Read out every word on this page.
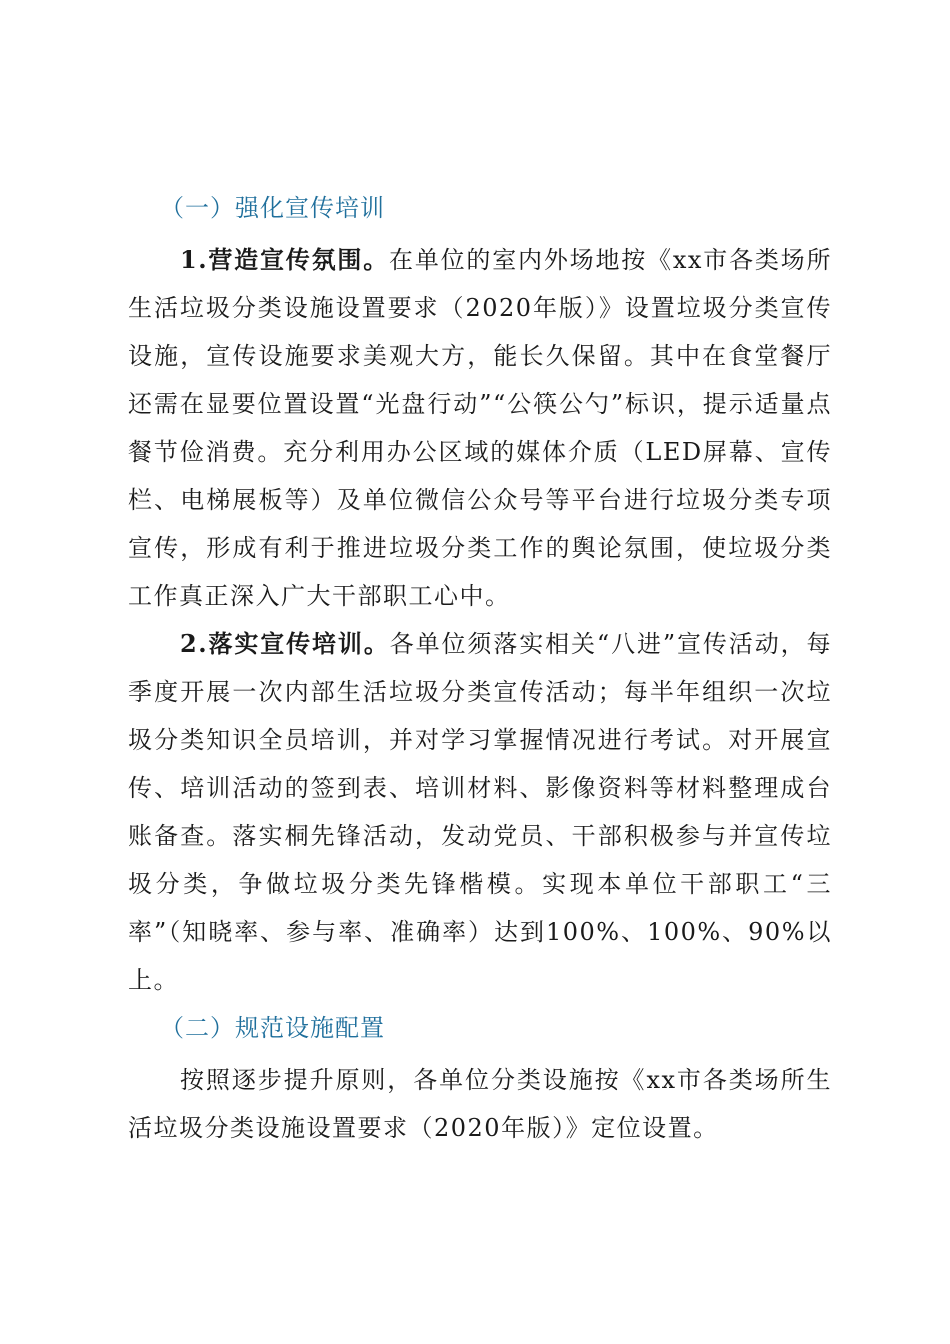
（一）强化宣传培训

1.营造宣传氛围。在单位的室内外场地按《xx市各类场所生活垃圾分类设施设置要求（2020年版）》设置垃圾分类宣传设施，宣传设施要求美观大方，能长久保留。其中在食堂餐厅还需在显要位置设置“光盘行动”“公筷公勺”标识，提示适量点餐节俭消费。充分利用办公区域的媒体介质（LED屏幕、宣传栏、电梯展板等）及单位微信公众号等平台进行垃圾分类专项宣传，形成有利于推进垃圾分类工作的舆论氛围，使垃圾分类工作真正深入广大干部职工心中。

2.落实宣传培训。各单位须落实相关“八进”宣传活动，每季度开展一次内部生活垃圾分类宣传活动；每半年组织一次垃圾分类知识全员培训，并对学习掌握情况进行考试。对开展宣传、培训活动的签到表、培训材料、影像资料等材料整理成台账备查。落实桐先锋活动，发动党员、干部积极参与并宣传垃圾分类，争做垃圾分类先锋楷模。实现本单位干部职工“三率”（知晓率、参与率、准确率）达到100%、100%、90%以上。

（二）规范设施配置

按照逐步提升原则，各单位分类设施按《xx市各类场所生活垃圾分类设施设置要求（2020年版）》定位设置。
